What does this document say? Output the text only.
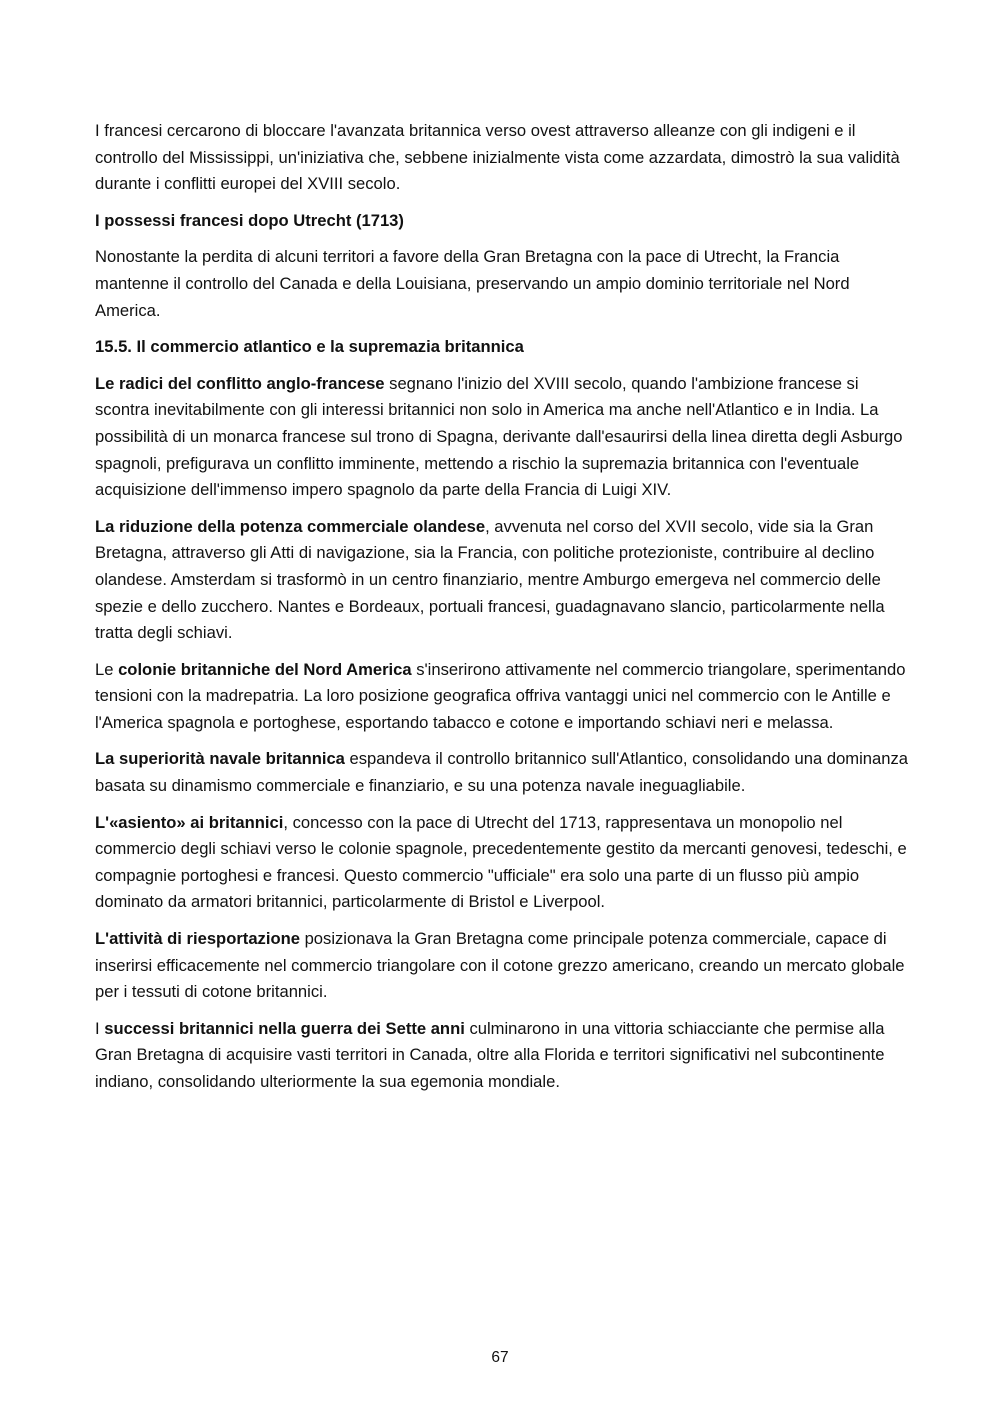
I francesi cercarono di bloccare l'avanzata britannica verso ovest attraverso alleanze con gli indigeni e il controllo del Mississippi, un'iniziativa che, sebbene inizialmente vista come azzardata, dimostrò la sua validità durante i conflitti europei del XVIII secolo.

I possessi francesi dopo Utrecht (1713)

Nonostante la perdita di alcuni territori a favore della Gran Bretagna con la pace di Utrecht, la Francia mantenne il controllo del Canada e della Louisiana, preservando un ampio dominio territoriale nel Nord America.

15.5. Il commercio atlantico e la supremazia britannica

Le radici del conflitto anglo-francese segnano l'inizio del XVIII secolo, quando l'ambizione francese si scontra inevitabilmente con gli interessi britannici non solo in America ma anche nell'Atlantico e in India. La possibilità di un monarca francese sul trono di Spagna, derivante dall'esaurirsi della linea diretta degli Asburgo spagnoli, prefigurava un conflitto imminente, mettendo a rischio la supremazia britannica con l'eventuale acquisizione dell'immenso impero spagnolo da parte della Francia di Luigi XIV.

La riduzione della potenza commerciale olandese, avvenuta nel corso del XVII secolo, vide sia la Gran Bretagna, attraverso gli Atti di navigazione, sia la Francia, con politiche protezioniste, contribuire al declino olandese. Amsterdam si trasformò in un centro finanziario, mentre Amburgo emergeva nel commercio delle spezie e dello zucchero. Nantes e Bordeaux, portuali francesi, guadagnavano slancio, particolarmente nella tratta degli schiavi.

Le colonie britanniche del Nord America s'inserirono attivamente nel commercio triangolare, sperimentando tensioni con la madrepatria. La loro posizione geografica offriva vantaggi unici nel commercio con le Antille e l'America spagnola e portoghese, esportando tabacco e cotone e importando schiavi neri e melassa.

La superiorità navale britannica espandeva il controllo britannico sull'Atlantico, consolidando una dominanza basata su dinamismo commerciale e finanziario, e su una potenza navale ineguagliabile.

L'«asiento» ai britannici, concesso con la pace di Utrecht del 1713, rappresentava un monopolio nel commercio degli schiavi verso le colonie spagnole, precedentemente gestito da mercanti genovesi, tedeschi, e compagnie portoghesi e francesi. Questo commercio "ufficiale" era solo una parte di un flusso più ampio dominato da armatori britannici, particolarmente di Bristol e Liverpool.

L'attività di riesportazione posizionava la Gran Bretagna come principale potenza commerciale, capace di inserirsi efficacemente nel commercio triangolare con il cotone grezzo americano, creando un mercato globale per i tessuti di cotone britannici.

I successi britannici nella guerra dei Sette anni culminarono in una vittoria schiacciante che permise alla Gran Bretagna di acquisire vasti territori in Canada, oltre alla Florida e territori significativi nel subcontinente indiano, consolidando ulteriormente la sua egemonia mondiale.

67
